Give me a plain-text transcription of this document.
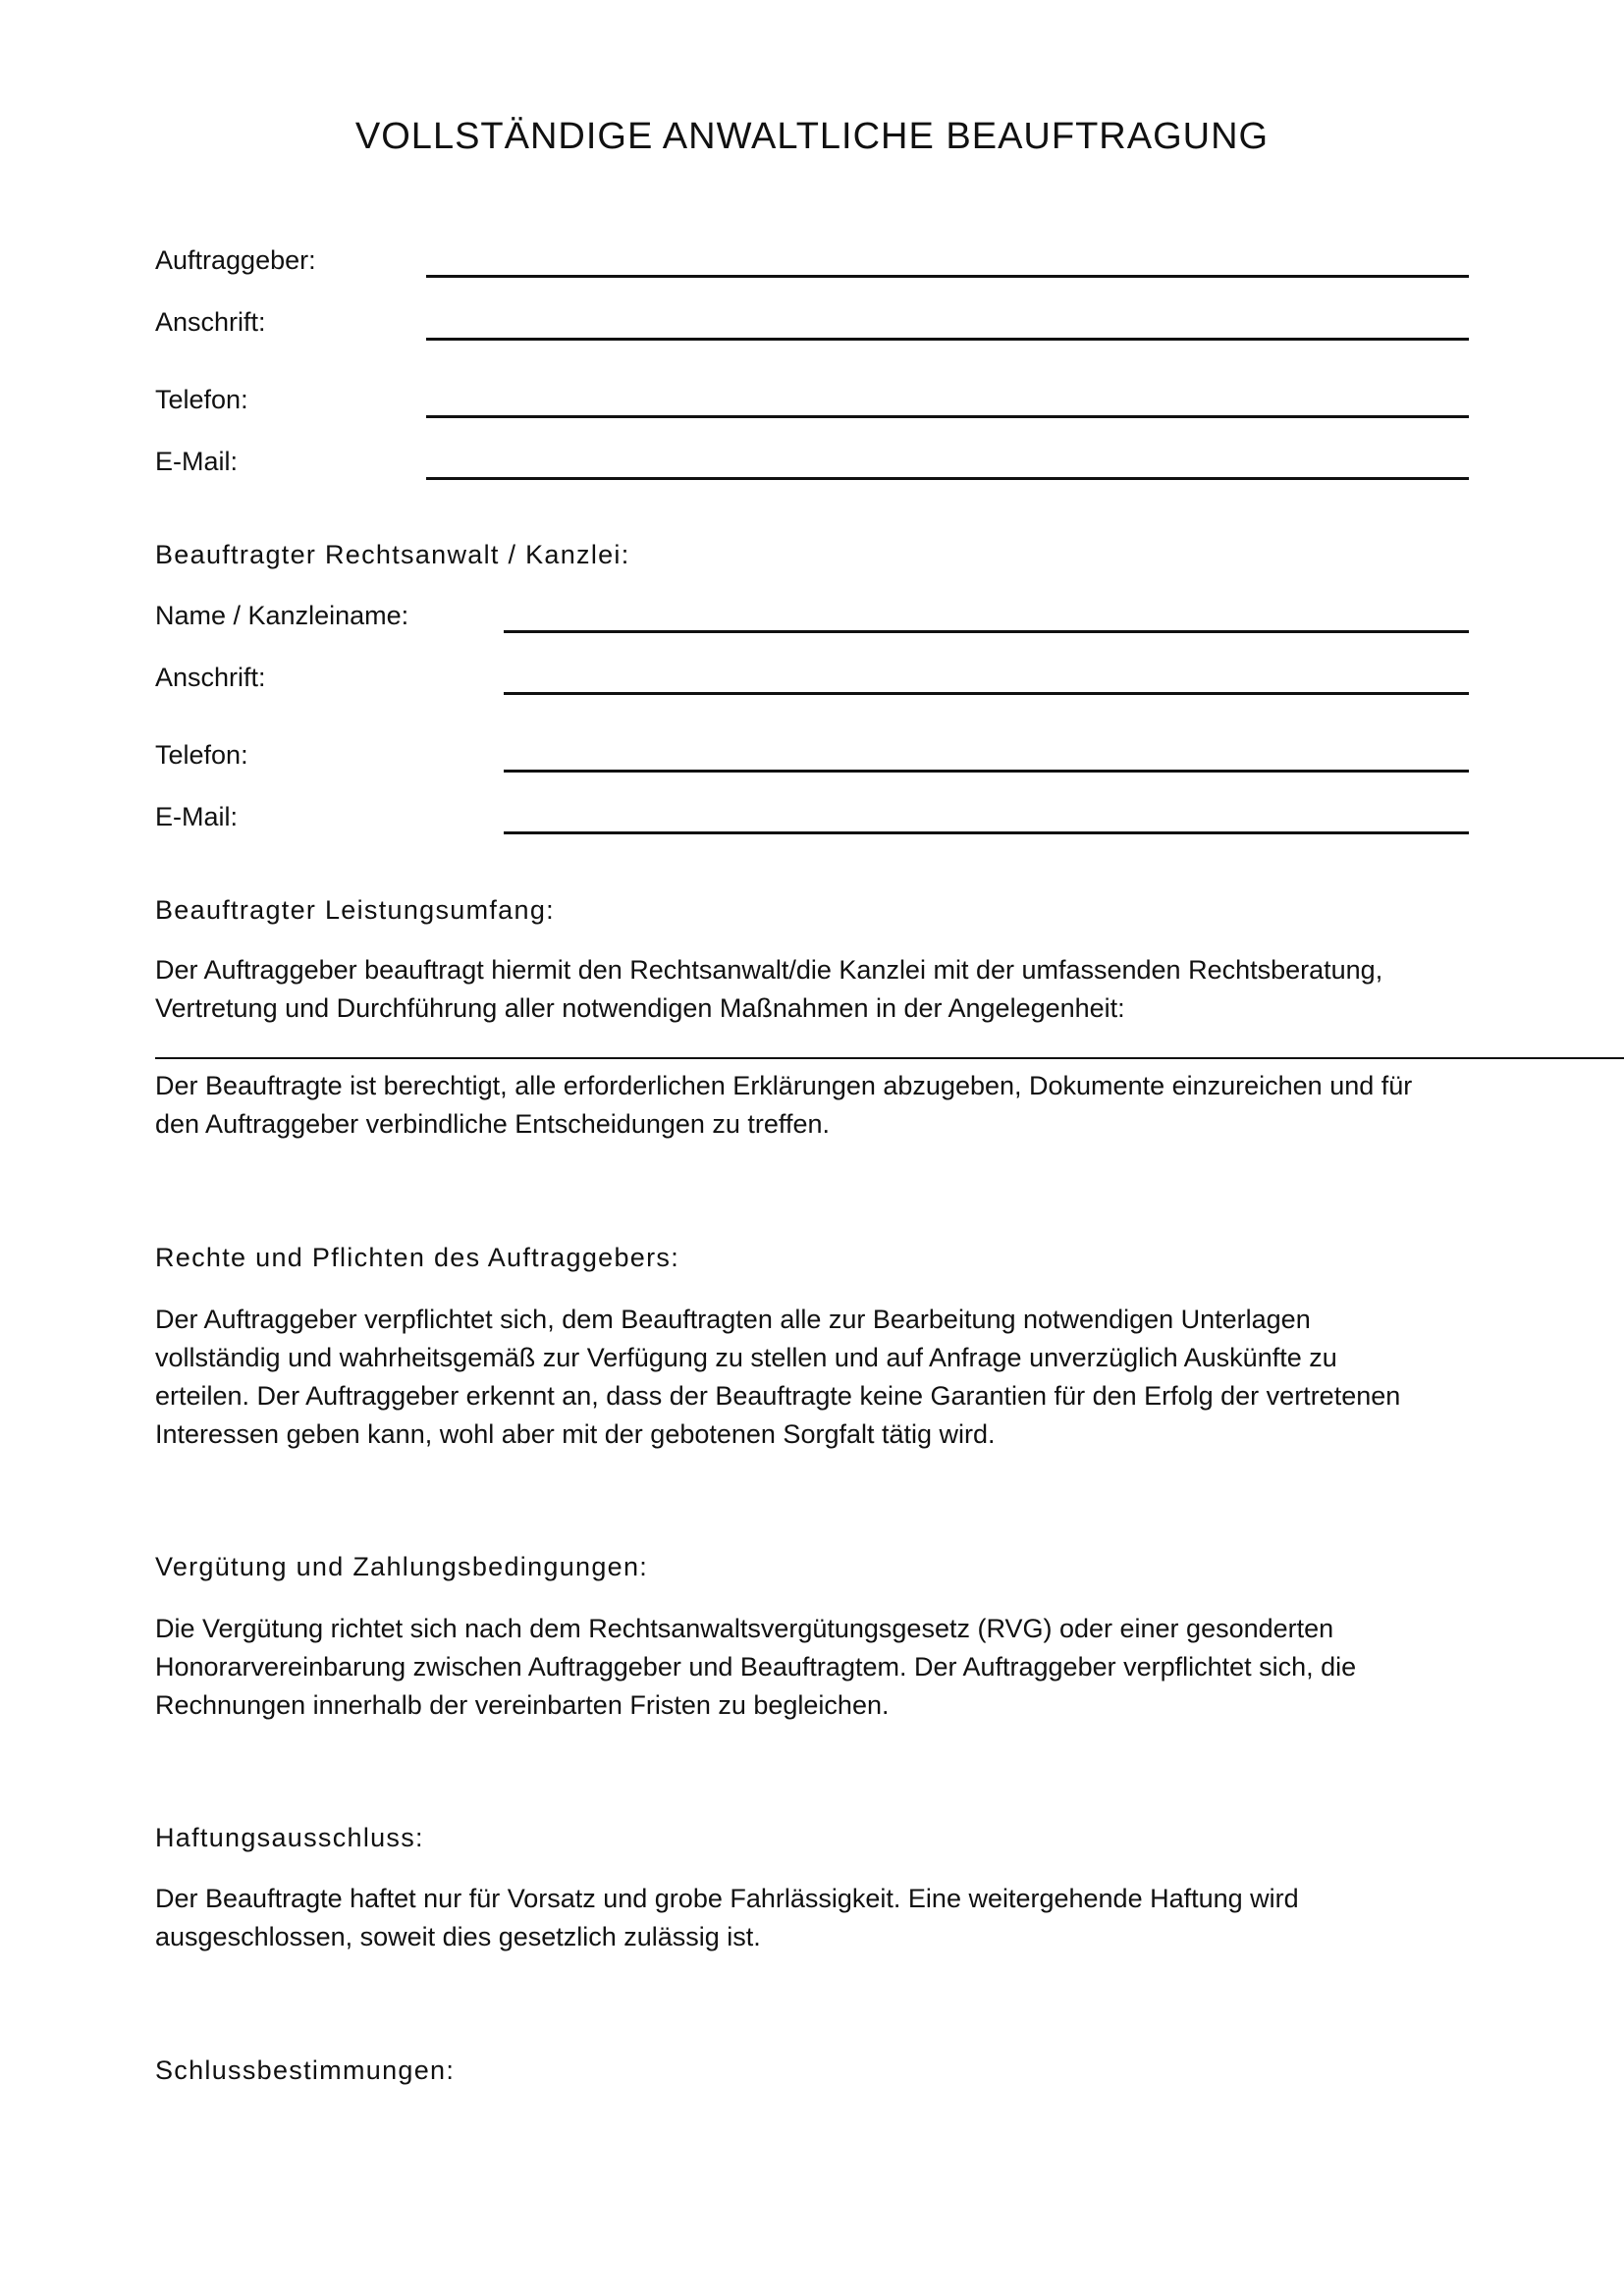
VOLLSTÄNDIGE ANWALTLICHE BEAUFTRAGUNG
Auftraggeber:
Anschrift:
Telefon:
E-Mail:
Beauftragter Rechtsanwalt / Kanzlei:
Name / Kanzleiname:
Anschrift:
Telefon:
E-Mail:
Beauftragter Leistungsumfang:
Der Auftraggeber beauftragt hiermit den Rechtsanwalt/die Kanzlei mit der umfassenden Rechtsberatung,
Vertretung und Durchführung aller notwendigen Maßnahmen in der Angelegenheit:
Der Beauftragte ist berechtigt, alle erforderlichen Erklärungen abzugeben, Dokumente einzureichen und für
den Auftraggeber verbindliche Entscheidungen zu treffen.
Rechte und Pflichten des Auftraggebers:
Der Auftraggeber verpflichtet sich, dem Beauftragten alle zur Bearbeitung notwendigen Unterlagen
vollständig und wahrheitsgemäß zur Verfügung zu stellen und auf Anfrage unverzüglich Auskünfte zu
erteilen. Der Auftraggeber erkennt an, dass der Beauftragte keine Garantien für den Erfolg der vertretenen
Interessen geben kann, wohl aber mit der gebotenen Sorgfalt tätig wird.
Vergütung und Zahlungsbedingungen:
Die Vergütung richtet sich nach dem Rechtsanwaltsvergütungsgesetz (RVG) oder einer gesonderten
Honorarvereinbarung zwischen Auftraggeber und Beauftragtem. Der Auftraggeber verpflichtet sich, die
Rechnungen innerhalb der vereinbarten Fristen zu begleichen.
Haftungsausschluss:
Der Beauftragte haftet nur für Vorsatz und grobe Fahrlässigkeit. Eine weitergehende Haftung wird
ausgeschlossen, soweit dies gesetzlich zulässig ist.
Schlussbestimmungen:
